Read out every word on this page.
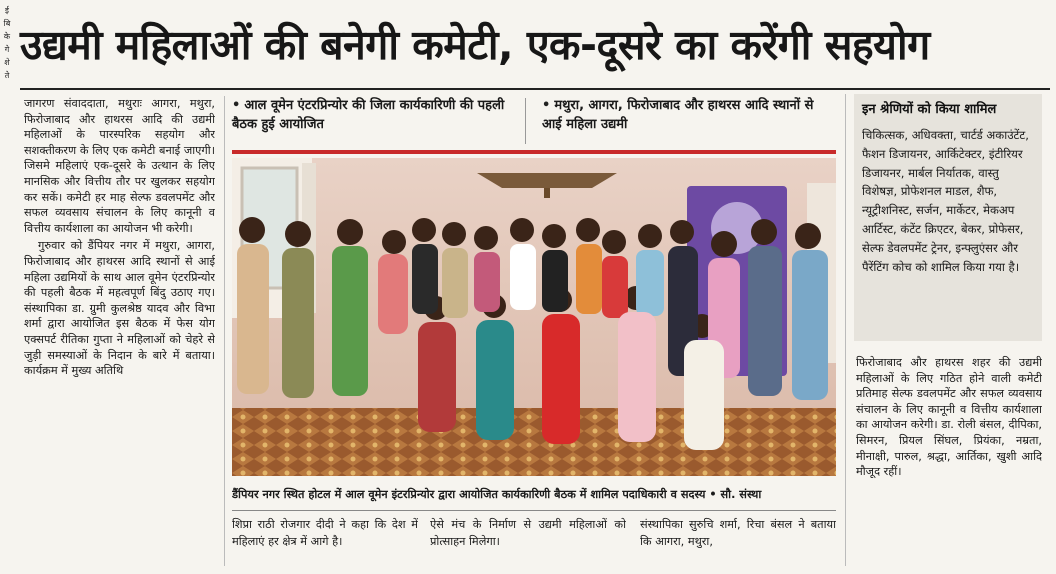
ई
बि
के
गे
शे
ते
उद्यमी महिलाओं की बनेगी कमेटी, एक-दूसरे का करेंगी सहयोग

जागरण संवाददाता, मथुराः आगरा, मथुरा, फिरोजाबाद और हाथरस आदि की उद्यमी महिलाओं के पारस्परिक सहयोग और सशक्तीकरण के लिए एक कमेटी बनाई जाएगी। जिसमे महिलाएं एक-दूसरे के उत्थान के लिए मानसिक और वित्तीय तौर पर खुलकर सहयोग कर सकें। कमेटी हर माह सेल्फ डवलपमेंट और सफल व्यवसाय संचालन के लिए कानूनी व वित्तीय कार्यशाला का आयोजन भी करेगी।

गुरुवार को डैंपियर नगर में मथुरा, आगरा, फिरोजाबाद और हाथरस आदि स्थानों से आई महिला उद्यमियों के साथ आल वूमेन एंटरप्रिन्योर की पहली बैठक में महत्वपूर्ण बिंदु उठाए गए। संस्थापिका डा. ग्रुमी कुलश्रेष्ठ यादव और विभा शर्मा द्वारा आयोजित इस बैठक में फेस योग एक्सपर्ट रीतिका गुप्ता ने महिलाओं को चेहरे से जुड़ी समस्याओं के निदान के बारे में बताया। कार्यक्रम में मुख्य अतिथि

• आल वूमेन एंटरप्रिन्योर की जिला कार्यकारिणी की पहली बैठक हुई आयोजित
• मथुरा, आगरा, फिरोजाबाद और हाथरस आदि स्थानों से आई महिला उद्यमी
डैंपियर नगर स्थित होटल में आल वूमेन इंटरप्रिन्योर द्वारा आयोजित कार्यकारिणी बैठक में शामिल पदाधिकारी व सदस्य • सौ. संस्था
शिप्रा राठी रोजगार दीदी ने कहा कि देश में महिलाएं हर क्षेत्र में आगे है।
ऐसे मंच के निर्माण से उद्यमी महिलाओं को प्रोत्साहन मिलेगा।
संस्थापिका सुरुचि शर्मा, रिचा बंसल ने बताया कि आगरा, मथुरा,
इन श्रेणियों को किया शामिल
चिकित्सक, अधिवक्ता, चार्टर्ड अकाउंटेंट, फैशन डिजायनर, आर्किटेक्टर, इंटीरियर डिजायनर, मार्बल निर्यातक, वास्तु विशेषज्ञ, प्रोफेशनल माडल, शैफ, न्यूट्रीशनिस्ट, सर्जन, मार्केटर, मेकअप आर्टिस्ट, कंटेंट क्रिएटर, बेकर, प्रोफेसर, सेल्फ डेवलपमेंट ट्रेनर, इन्फ्लुएंसर और पैरेंटिंग कोच को शामिल किया गया है।
फिरोजाबाद और हाथरस शहर की उद्यमी महिलाओं के लिए गठित होने वाली कमेटी प्रतिमाह सेल्फ डवलपमेंट और सफल व्यवसाय संचालन के लिए कानूनी व वित्तीय कार्यशाला का आयोजन करेगी। डा. रोली बंसल, दीपिका, सिमरन, प्रियल सिंघल, प्रियंका, नम्रता, मीनाक्षी, पारुल, श्रद्धा, आर्तिका, खुशी आदि मौजूद रहीं।
